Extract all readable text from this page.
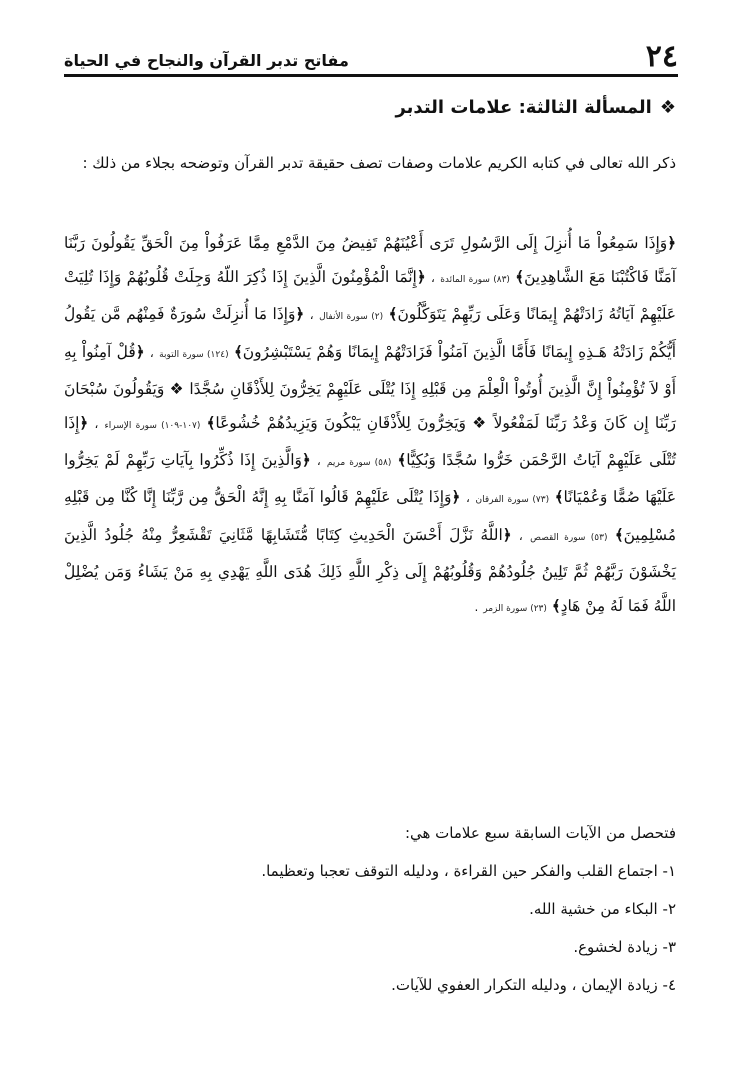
٢٤
مفاتح تدبر القرآن والنجاح في الحياة
❖
المسألة الثالثة: علامات التدبر
ذكر الله تعالى في كتابه الكريم علامات وصفات تصف حقيقة تدبر القرآن وتوضحه بجلاء من ذلك :
﴿وَإِذَا سَمِعُواْ مَا أُنزِلَ إِلَى الرَّسُولِ تَرَى أَعْيُنَهُمْ تَفِيضُ مِنَ الدَّمْعِ مِمَّا عَرَفُواْ مِنَ الْحَقِّ يَقُولُونَ رَبَّنَا آمَنَّا فَاكْتُبْنَا مَعَ الشَّاهِدِينَ﴾ (٨٣) سورة المائدة ، ﴿إِنَّمَا الْمُؤْمِنُونَ الَّذِينَ إِذَا ذُكِرَ اللّهُ وَجِلَتْ قُلُوبُهُمْ وَإِذَا تُلِيَتْ عَلَيْهِمْ آيَاتُهُ زَادَتْهُمْ إِيمَانًا وَعَلَى رَبِّهِمْ يَتَوَكَّلُونَ﴾ (٢) سورة الأنفال ، ﴿وَإِذَا مَا أُنزِلَتْ سُورَةٌ فَمِنْهُم مَّن يَقُولُ أَيُّكُمْ زَادَتْهُ هَـذِهِ إِيمَانًا فَأَمَّا الَّذِينَ آمَنُواْ فَزَادَتْهُمْ إِيمَانًا وَهُمْ يَسْتَبْشِرُونَ﴾ (١٢٤) سورة التوبة ، ﴿قُلْ آمِنُواْ بِهِ أَوْ لاَ تُؤْمِنُواْ إِنَّ الَّذِينَ أُوتُواْ الْعِلْمَ مِن قَبْلِهِ إِذَا يُتْلَى عَلَيْهِمْ يَخِرُّونَ لِلأَذْقَانِ سُجَّدًا ❖ وَيَقُولُونَ سُبْحَانَ رَبِّنَا إِن كَانَ وَعْدُ رَبِّنَا لَمَفْعُولاً ❖ وَيَخِرُّونَ لِلأَذْقَانِ يَبْكُونَ وَيَزِيدُهُمْ خُشُوعًا﴾ (١٠٧-١٠٩) سورة الإسراء ، ﴿إِذَا تُتْلَى عَلَيْهِمْ آيَاتُ الرَّحْمَن خَرُّوا سُجَّدًا وَبُكِيًّا﴾ (٥٨) سورة مريم ، ﴿وَالَّذِينَ إِذَا ذُكِّرُوا بِآيَاتِ رَبِّهِمْ لَمْ يَخِرُّوا عَلَيْهَا صُمًّا وَعُمْيَانًا﴾ (٧٣) سورة الفرقان ، ﴿وَإِذَا يُتْلَى عَلَيْهِمْ قَالُوا آمَنَّا بِهِ إِنَّهُ الْحَقُّ مِن رَّبِّنَا إِنَّا كُنَّا مِن قَبْلِهِ مُسْلِمِينَ﴾ (٥٣) سورة القصص ، ﴿اللَّهُ نَزَّلَ أَحْسَنَ الْحَدِيثِ كِتَابًا مُّتَشَابِهًا مَّثَانِيَ تَقْشَعِرُّ مِنْهُ جُلُودُ الَّذِينَ يَخْشَوْنَ رَبَّهُمْ ثُمَّ تَلِينُ جُلُودُهُمْ وَقُلُوبُهُمْ إِلَى ذِكْرِ اللَّهِ ذَلِكَ هُدَى اللَّهِ يَهْدِي بِهِ مَنْ يَشَاءُ وَمَن يُضْلِلْ اللَّهُ فَمَا لَهُ مِنْ هَادٍ﴾ (٢٣) سورة الزمر .
فتحصل من الآيات السابقة سبع علامات هي:
١- اجتماع القلب والفكر حين القراءة ، ودليله التوقف تعجبا وتعظيما.
٢- البكاء من خشية الله.
٣- زيادة لخشوع.
٤- زيادة الإيمان ، ودليله التكرار العفوي للآيات.
